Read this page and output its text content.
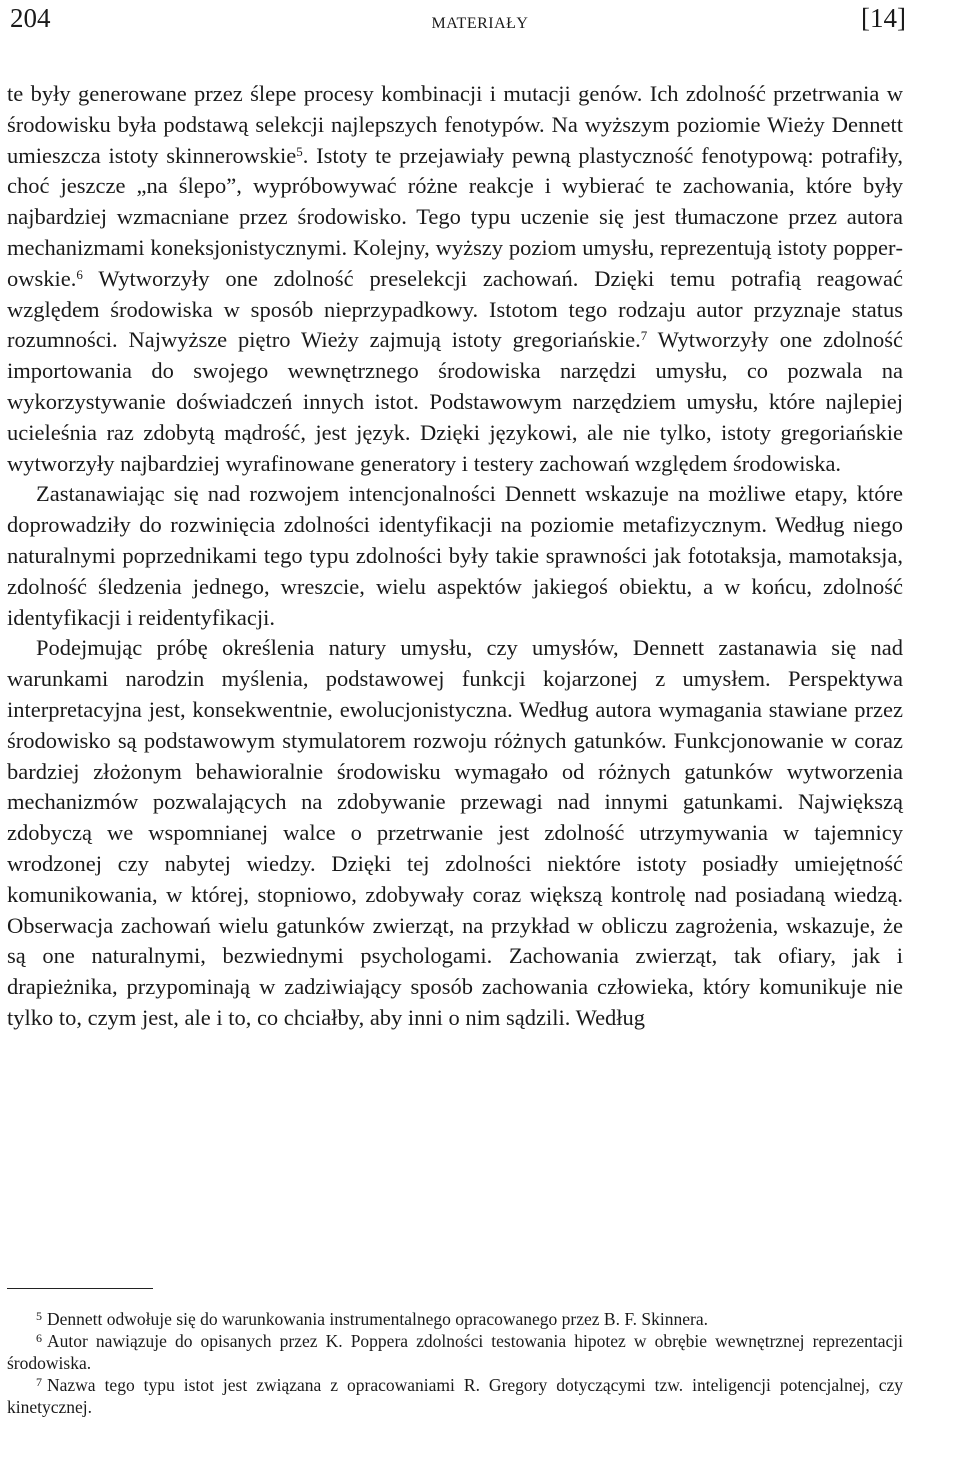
204	MATERIAŁY	[14]

te były generowane przez ślepe procesy kombinacji i mutacji genów. Ich zdolność przetrwania w środowisku była podstawą selekcji najlepszych fenotypów. Na wyższym poziomie Wieży Dennett umieszcza istoty skinnerowskie$^5$. Istoty te przejawiały pewną plastyczność fenotypową: potrafiły, choć jeszcze „na ślepo”, wypróbowywać różne reakcje i wybierać te zachowania, które były najbardziej wzmacniane przez środowisko. Tego typu uczenie się jest tłumaczone przez autora mechanizmami koneksjonistycznymi. Kolejny, wyższy poziom umysłu, reprezentują istoty popperowskie.$^6$ Wytworzyły one zdolność preselekcji zachowań. Dzięki temu potrafią reagować względem środowiska w sposób nieprzypadkowy. Istotom tego rodzaju autor przyznaje status rozumności. Najwyższe piętro Wieży zajmują istoty gregoriańskie.$^7$ Wytworzyły one zdolność importowania do swojego wewnętrznego środowiska narzędzi umysłu, co pozwala na wykorzystywanie doświadczeń innych istot. Podstawowym narzędziem umysłu, które najlepiej ucieleśnia raz zdobytą mądrość, jest język. Dzięki językowi, ale nie tylko, istoty gregoriańskie wytworzyły najbardziej wyrafinowane generatory i testery zachowań względem środowiska.

Zastanawiając się nad rozwojem intencjonalności Dennett wskazuje na możliwe etapy, które doprowadziły do rozwinięcia zdolności identyfikacji na poziomie metafizycznym. Według niego naturalnymi poprzednikami tego typu zdolności były takie sprawności jak fototaksja, mamotaksja, zdolność śledzenia jednego, wreszcie, wielu aspektów jakiegoś obiektu, a w końcu, zdolność identyfikacji i reidentyfikacji.

Podejmując próbę określenia natury umysłu, czy umysłów, Dennett zastanawia się nad warunkami narodzin myślenia, podstawowej funkcji kojarzonej z umysłem. Perspektywa interpretacyjna jest, konsekwentnie, ewolucjonistyczna. Według autora wymagania stawiane przez środowisko są podstawowym stymulatorem rozwoju różnych gatunków. Funkcjonowanie w coraz bardziej złożonym behawioralnie środowisku wymagało od różnych gatunków wytworzenia mechanizmów pozwalających na zdobywanie przewagi nad innymi gatunkami. Największą zdobyczą we wspomnianej walce o przetrwanie jest zdolność utrzymywania w tajemnicy wrodzonej czy nabytej wiedzy. Dzięki tej zdolności niektóre istoty posiadły umiejętność komunikowania, w której, stopniowo, zdobywały coraz większą kontrolę nad posiadaną wiedzą. Obserwacja zachowań wielu gatunków zwierząt, na przykład w obliczu zagrożenia, wskazuje, że są one naturalnymi, bezwiednymi psychologami. Zachowania zwierząt, tak ofiary, jak i drapieżnika, przypominają w zadziwiający sposób zachowania człowieka, który komunikuje nie tylko to, czym jest, ale i to, co chciałby, aby inni o nim sądzili. Według

$^5$ Dennett odwołuje się do warunkowania instrumentalnego opracowanego przez B. F. Skinnera.

$^6$ Autor nawiązuje do opisanych przez K. Poppera zdolności testowania hipotez w obrębie wewnętrznej reprezentacji środowiska.

$^7$ Nazwa tego typu istot jest związana z opracowaniami R. Gregory dotyczącymi tzw. inteligencji potencjalnej, czy kinetycznej.
